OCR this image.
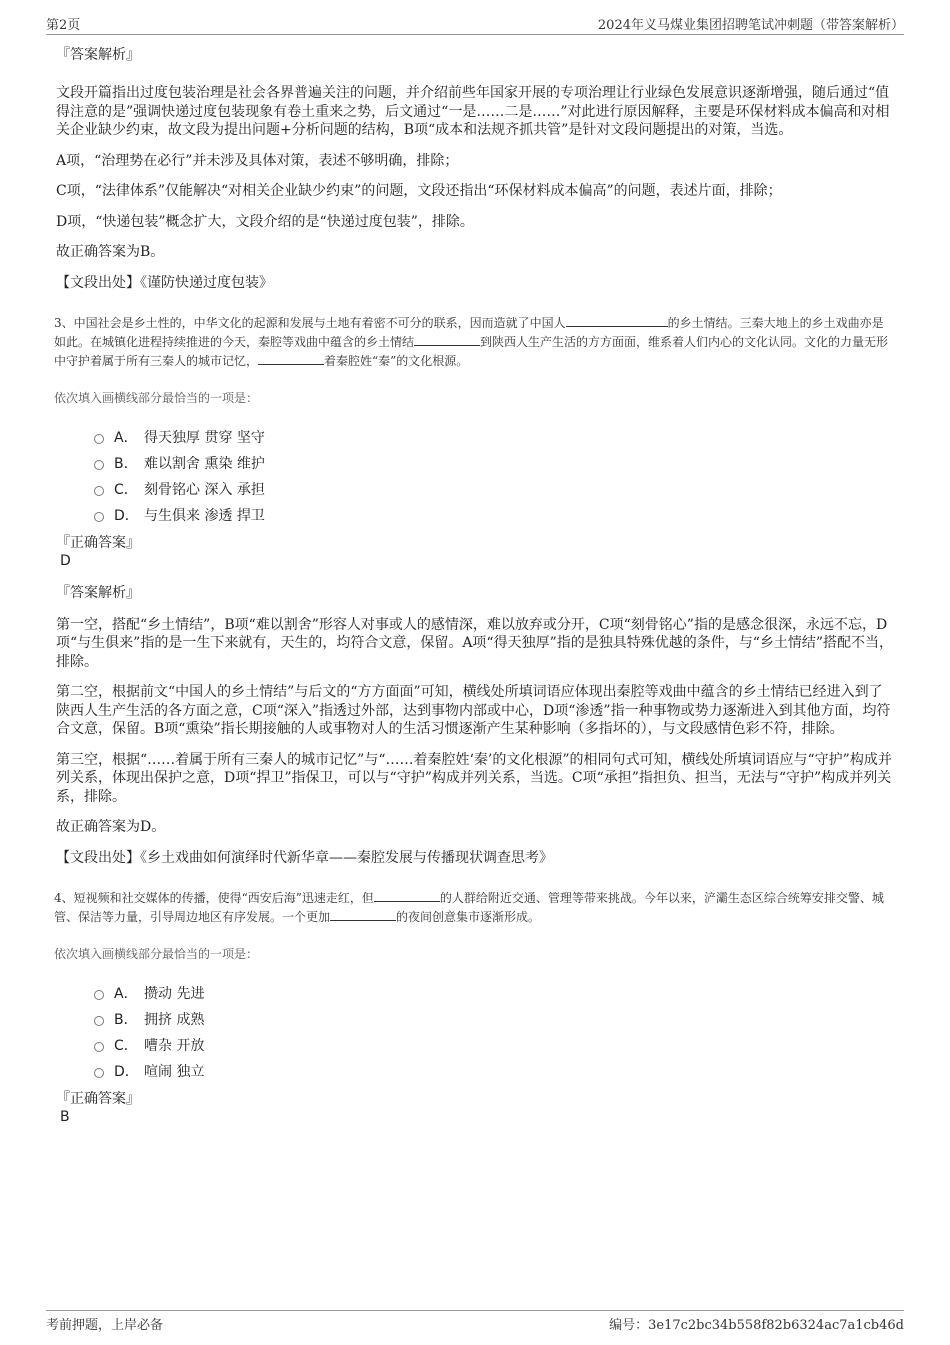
第2页	2024年义马煤业集团招聘笔试冲刺题（带答案解析）

『答案解析』

文段开篇指出过度包装治理是社会各界普遍关注的问题，并介绍前些年国家开展的专项治理让行业绿色发展意识逐渐增强，随后通过“值得注意的是”强调快递过度包装现象有卷土重来之势，后文通过“一是……二是……”对此进行原因解释，主要是环保材料成本偏高和对相关企业缺少约束，故文段为提出问题+分析问题的结构，B项“成本和法规齐抓共管”是针对文段问题提出的对策，当选。

A项，“治理势在必行”并未涉及具体对策，表述不够明确，排除；

C项，“法律体系”仅能解决“对相关企业缺少约束”的问题，文段还指出“环保材料成本偏高”的问题，表述片面，排除；

D项，“快递包装”概念扩大，文段介绍的是“快递过度包装”，排除。

故正确答案为B。

【文段出处】《谨防快递过度包装》

3、中国社会是乡土性的，中华文化的起源和发展与土地有着密不可分的联系，因而造就了中国人	的乡土情结。三秦大地上的乡土戏曲亦是如此。在城镇化进程持续推进的今天，秦腔等戏曲中蕴含的乡土情结	到陕西人生产生活的方方面面，维系着人们内心的文化认同。文化的力量无形中守护着属于所有三秦人的城市记忆，	着秦腔姓“秦”的文化根源。

依次填入画横线部分最恰当的一项是：

A． 得天独厚 贯穿 坚守
B． 难以割舍 熏染 维护
C． 刻骨铭心 深入 承担
D． 与生俱来 渗透 捍卫

『正确答案』

D

『答案解析』

第一空，搭配“乡土情结”，B项“难以割舍”形容人对事或人的感情深，难以放弃或分开，C项“刻骨铭心”指的是感念很深，永远不忘，D项“与生俱来”指的是一生下来就有，天生的，均符合文意，保留。A项“得天独厚”指的是独具特殊优越的条件，与“乡土情结”搭配不当，排除。

第二空，根据前文“中国人的乡土情结”与后文的“方方面面”可知，横线处所填词语应体现出秦腔等戏曲中蕴含的乡土情结已经进入到了陕西人生产生活的各方面之意，C项“深入”指透过外部，达到事物内部或中心，D项“渗透”指一种事物或势力逐渐进入到其他方面，均符合文意，保留。B项“熏染”指长期接触的人或事物对人的生活习惯逐渐产生某种影响（多指坏的），与文段感情色彩不符，排除。

第三空，根据“……着属于所有三秦人的城市记忆”与“……着秦腔姓‘秦’的文化根源”的相同句式可知，横线处所填词语应与“守护”构成并列关系，体现出保护之意，D项“捍卫”指保卫，可以与“守护”构成并列关系，当选。C项“承担”指担负、担当，无法与“守护”构成并列关系，排除。

故正确答案为D。

【文段出处】《乡土戏曲如何演绎时代新华章——秦腔发展与传播现状调查思考》

4、短视频和社交媒体的传播，使得“西安后海”迅速走红，但	的人群给附近交通、管理等带来挑战。今年以来，浐灞生态区综合统筹安排交警、城管、保洁等力量，引导周边地区有序发展。一个更加	的夜间创意集市逐渐形成。

依次填入画横线部分最恰当的一项是：

A． 攒动 先进
B． 拥挤 成熟
C． 嘈杂 开放
D． 喧闹 独立

『正确答案』

B

考前押题，上岸必备	编号：3e17c2bc34b558f82b6324ac7a1cb46d
